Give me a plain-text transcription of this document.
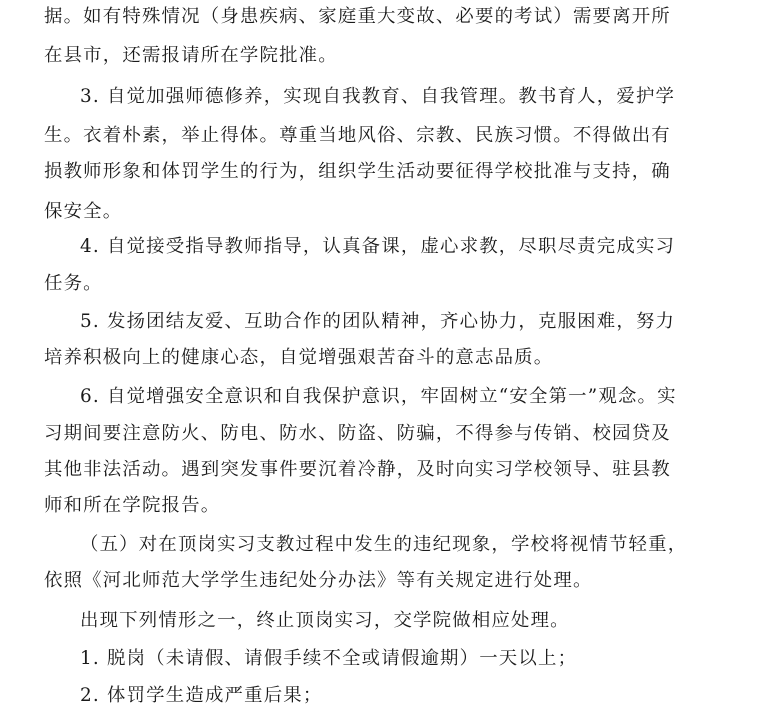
据。如有特殊情况（身患疾病、家庭重大变故、必要的考试）需要离开所
在县市，还需报请所在学院批准。
3. 自觉加强师德修养，实现自我教育、自我管理。教书育人，爱护学
生。衣着朴素，举止得体。尊重当地风俗、宗教、民族习惯。不得做出有
损教师形象和体罚学生的行为，组织学生活动要征得学校批准与支持，确
保安全。
4. 自觉接受指导教师指导，认真备课，虚心求教，尽职尽责完成实习
任务。
5. 发扬团结友爱、互助合作的团队精神，齐心协力，克服困难，努力
培养积极向上的健康心态，自觉增强艰苦奋斗的意志品质。
6. 自觉增强安全意识和自我保护意识，牢固树立“安全第一”观念。实
习期间要注意防火、防电、防水、防盗、防骗，不得参与传销、校园贷及
其他非法活动。遇到突发事件要沉着冷静，及时向实习学校领导、驻县教
师和所在学院报告。
（五）对在顶岗实习支教过程中发生的违纪现象，学校将视情节轻重，
依照《河北师范大学学生违纪处分办法》等有关规定进行处理。
出现下列情形之一，终止顶岗实习，交学院做相应处理。
1. 脱岗（未请假、请假手续不全或请假逾期）一天以上；
2. 体罚学生造成严重后果；
